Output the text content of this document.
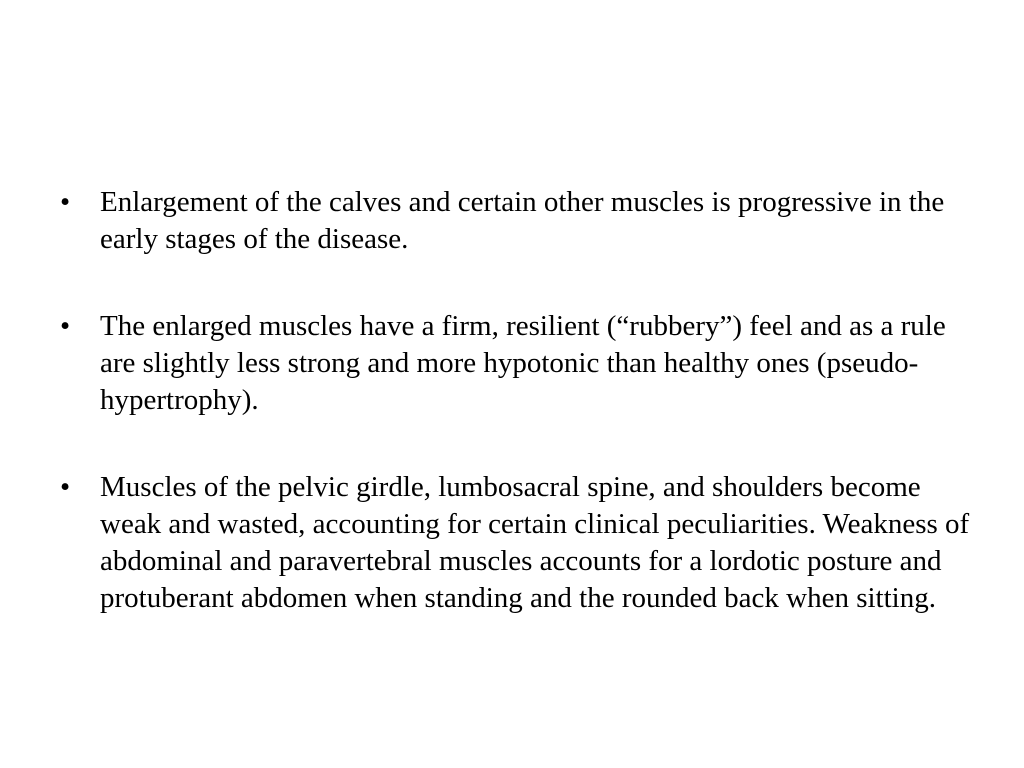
•	Enlargement of the calves and certain other muscles is progressive in the early stages of the disease.
•	The enlarged muscles have a firm, resilient (“rubbery”) feel and as a rule are slightly less strong and more hypotonic than healthy ones (pseudo-hypertrophy).
•	Muscles of the pelvic girdle, lumbosacral spine, and shoulders become weak and wasted, accounting for certain clinical peculiarities. Weakness of abdominal and paravertebral muscles accounts for a lordotic posture and protuberant abdomen when standing and the rounded back when sitting.
